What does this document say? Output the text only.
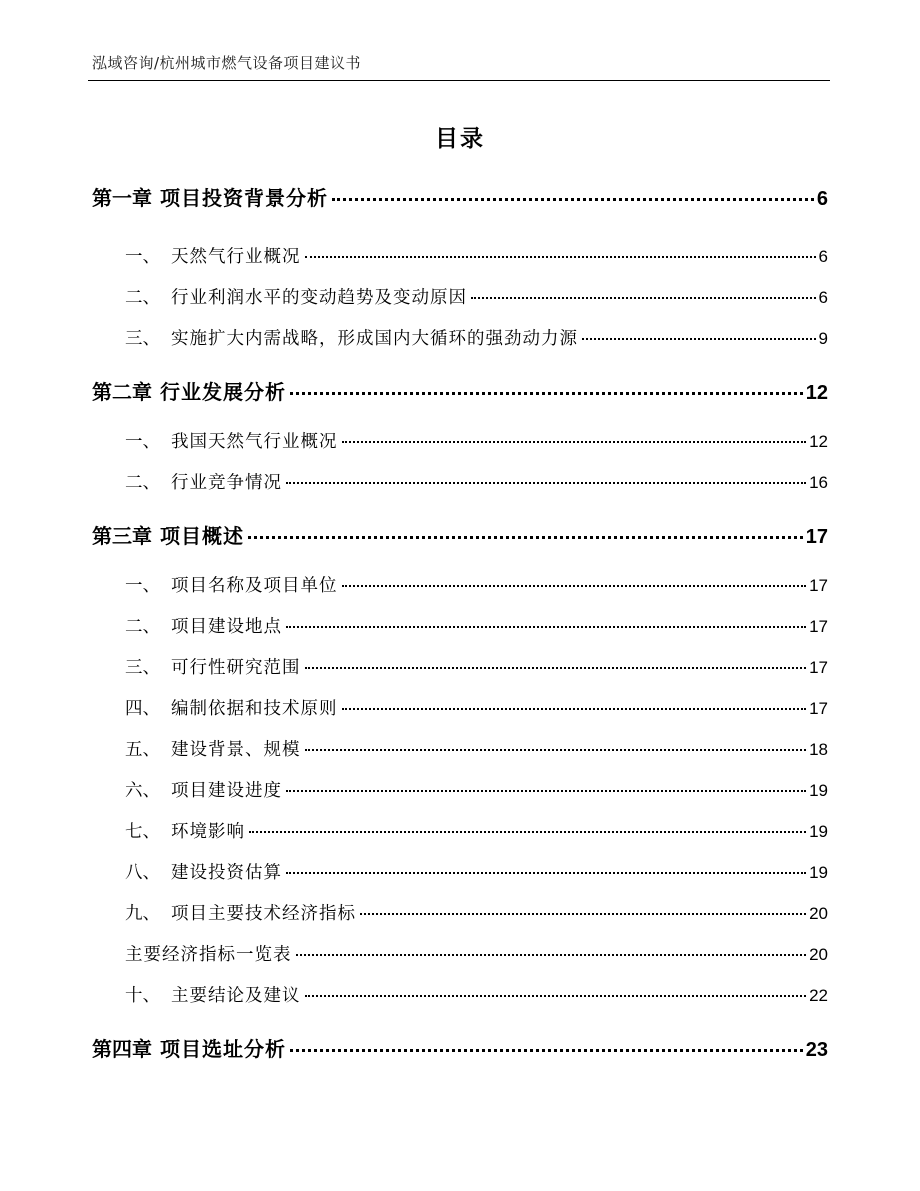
泓域咨询/杭州城市燃气设备项目建议书
目录
第一章 项目投资背景分析	6
一、 天然气行业概况	6
二、 行业利润水平的变动趋势及变动原因	6
三、 实施扩大内需战略，形成国内大循环的强劲动力源	9
第二章 行业发展分析	12
一、 我国天然气行业概况	12
二、 行业竞争情况	16
第三章 项目概述	17
一、 项目名称及项目单位	17
二、 项目建设地点	17
三、 可行性研究范围	17
四、 编制依据和技术原则	17
五、 建设背景、规模	18
六、 项目建设进度	19
七、 环境影响	19
八、 建设投资估算	19
九、 项目主要技术经济指标	20
主要经济指标一览表	20
十、 主要结论及建议	22
第四章 项目选址分析	23
